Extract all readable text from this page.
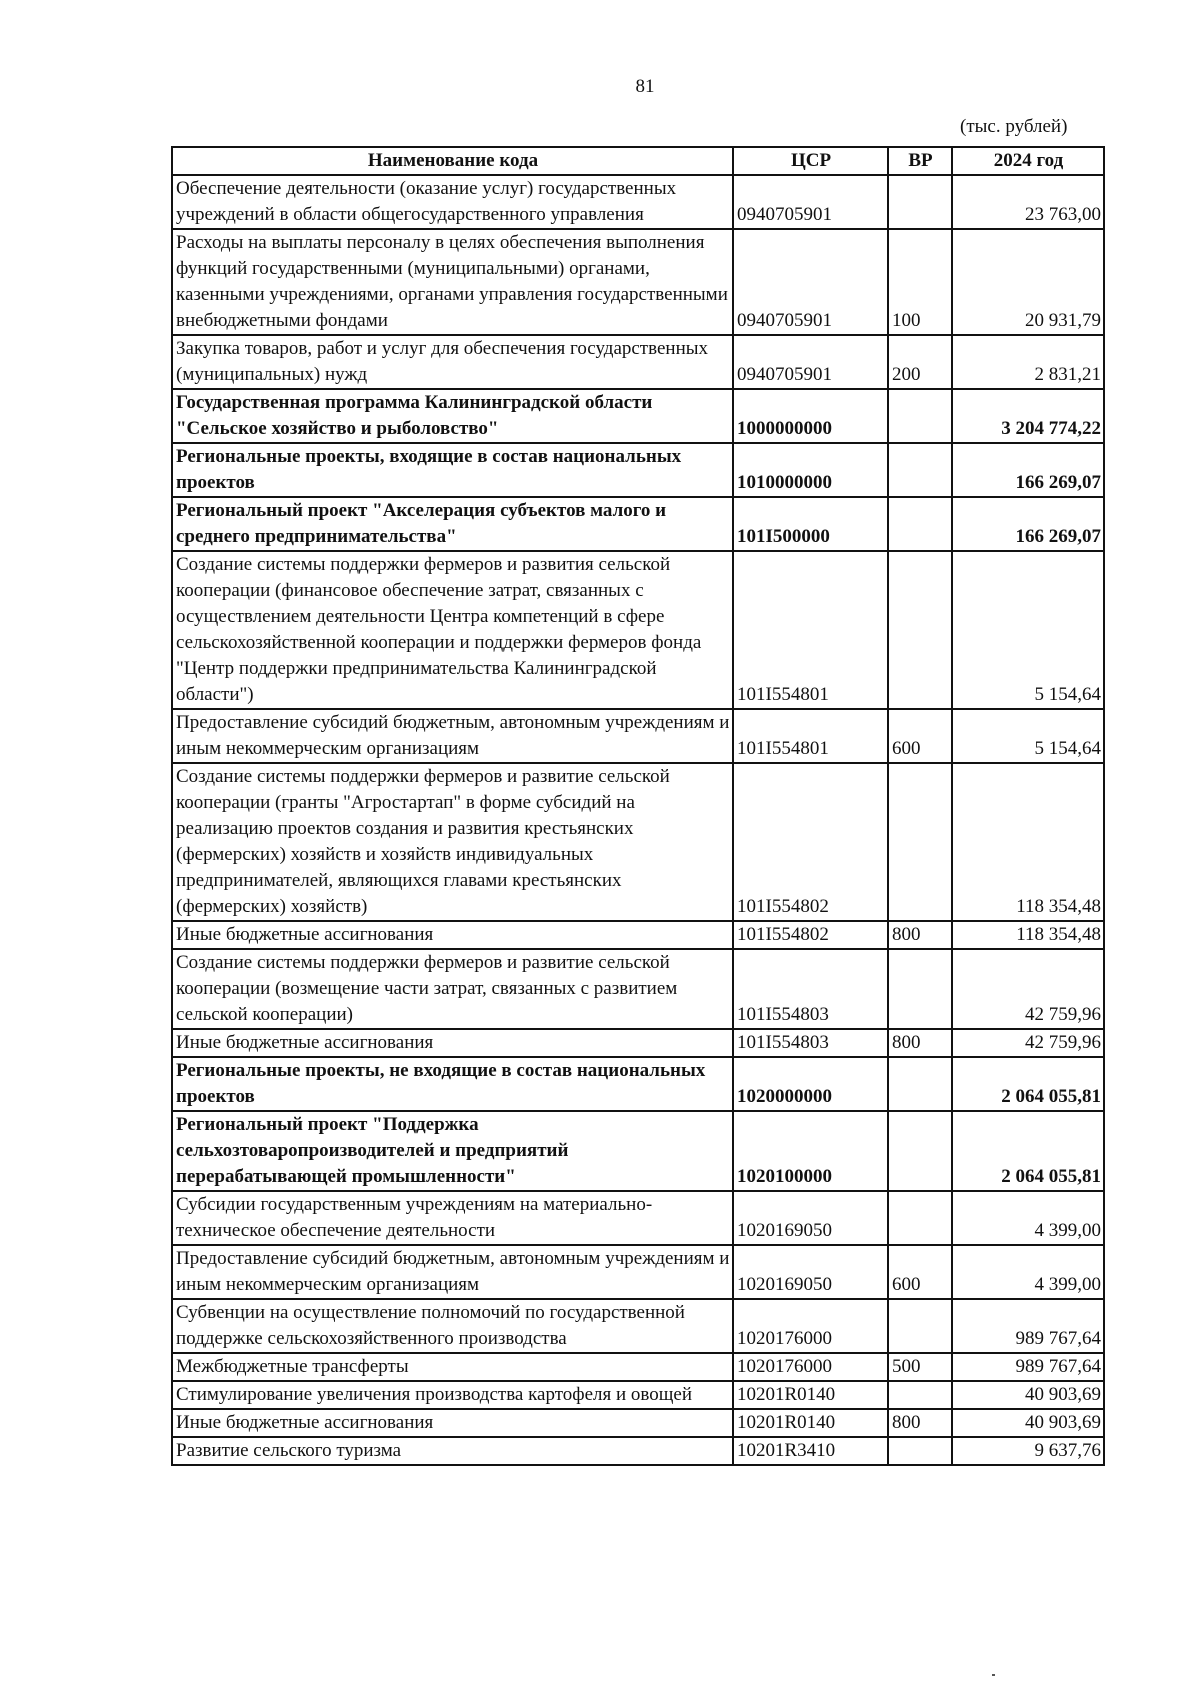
81
(тыс. рублей)
Наименование кода	ЦСР	ВР	2024 год
Обеспечение деятельности (оказание услуг) государственных учреждений в области общегосударственного управления	0940705901		23 763,00
Расходы на выплаты персоналу в целях обеспечения выполнения функций государственными (муниципальными) органами, казенными учреждениями, органами управления государственными внебюджетными фондами	0940705901	100	20 931,79
Закупка товаров, работ и услуг для обеспечения государственных (муниципальных) нужд	0940705901	200	2 831,21
Государственная программа Калининградской области "Сельское хозяйство и рыболовство"	1000000000		3 204 774,22
Региональные проекты, входящие в состав национальных проектов	1010000000		166 269,07
Региональный проект "Акселерация субъектов малого и среднего предпринимательства"	101I500000		166 269,07
Создание системы поддержки фермеров и развития сельской кооперации (финансовое обеспечение затрат, связанных с осуществлением деятельности Центра компетенций в сфере сельскохозяйственной кооперации и поддержки фермеров фонда "Центр поддержки предпринимательства Калининградской области")	101I554801		5 154,64
Предоставление субсидий бюджетным, автономным учреждениям и иным некоммерческим организациям	101I554801	600	5 154,64
Создание системы поддержки фермеров и развитие сельской кооперации (гранты "Агростартап" в форме субсидий на реализацию проектов создания и развития крестьянских (фермерских) хозяйств и хозяйств индивидуальных предпринимателей, являющихся главами крестьянских (фермерских) хозяйств)	101I554802		118 354,48
Иные бюджетные ассигнования	101I554802	800	118 354,48
Создание системы поддержки фермеров и развитие сельской кооперации (возмещение части затрат, связанных с развитием сельской кооперации)	101I554803		42 759,96
Иные бюджетные ассигнования	101I554803	800	42 759,96
Региональные проекты, не входящие в состав национальных проектов	1020000000		2 064 055,81
Региональный проект "Поддержка сельхозтоваропроизводителей и предприятий перерабатывающей промышленности"	1020100000		2 064 055,81
Субсидии государственным учреждениям на материально-техническое обеспечение деятельности	1020169050		4 399,00
Предоставление субсидий бюджетным, автономным учреждениям и иным некоммерческим организациям	1020169050	600	4 399,00
Субвенции на осуществление полномочий по государственной поддержке сельскохозяйственного производства	1020176000		989 767,64
Межбюджетные трансферты	1020176000	500	989 767,64
Стимулирование увеличения производства картофеля и овощей	10201R0140		40 903,69
Иные бюджетные ассигнования	10201R0140	800	40 903,69
Развитие сельского туризма	10201R3410		9 637,76
